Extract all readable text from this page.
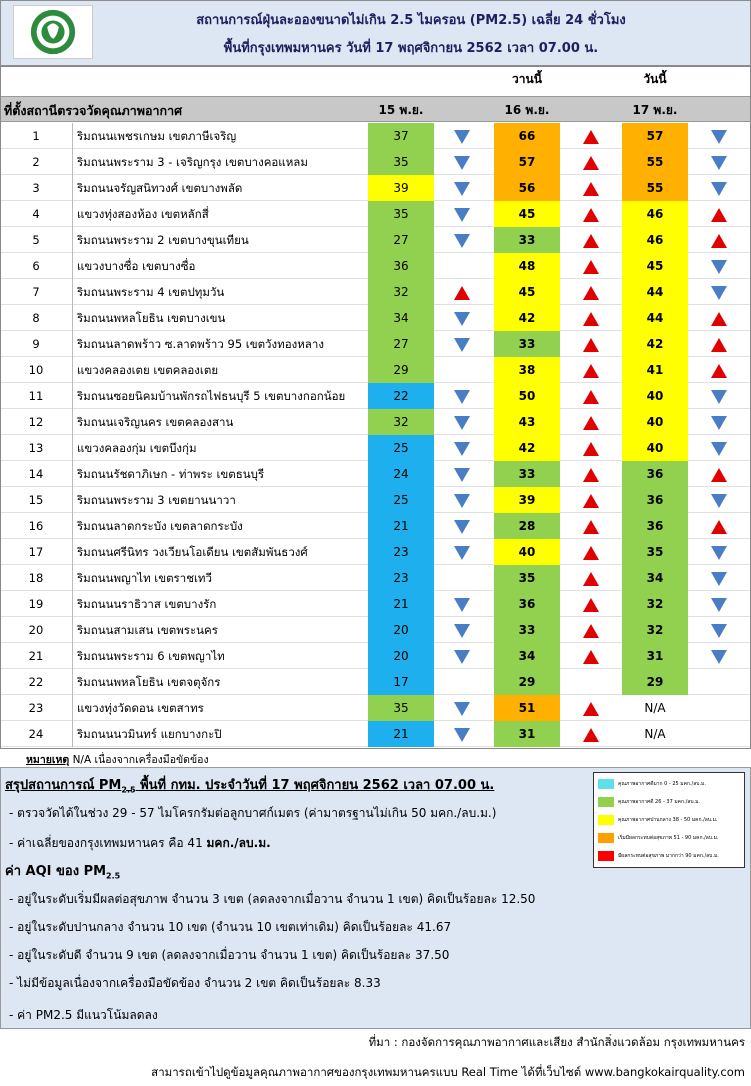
สถานการณ์ฝุ่นละอองขนาดไม่เกิน 2.5 ไมครอน (PM2.5) เฉลี่ย 24 ชั่วโมง
พื้นที่กรุงเทพมหานคร วันที่ 17 พฤศจิกายน 2562 เวลา 07.00 น.
วานนี้	วันนี้
ที่ตั้งสถานีตรวจวัดคุณภาพอากาศ	15 พ.ย.	16 พ.ย.	17 พ.ย.
1	ริมถนนเพชรเกษม เขตภาษีเจริญ	37	66	57
2	ริมถนนพระราม 3 - เจริญกรุง เขตบางคอแหลม	35	57	55
3	ริมถนนจรัญสนิทวงศ์ เขตบางพลัด	39	56	55
4	แขวงทุ่งสองห้อง เขตหลักสี่	35	45	46
5	ริมถนนพระราม 2 เขตบางขุนเทียน	27	33	46
6	แขวงบางซื่อ เขตบางซื่อ	36	48	45
7	ริมถนนพระราม 4 เขตปทุมวัน	32	45	44
8	ริมถนนพหลโยธิน เขตบางเขน	34	42	44
9	ริมถนนลาดพร้าว ซ.ลาดพร้าว 95 เขตวังทองหลาง	27	33	42
10	แขวงคลองเตย เขตคลองเตย	29	38	41
11	ริมถนนซอยนิคมบ้านพักรถไฟธนบุรี 5 เขตบางกอกน้อย	22	50	40
12	ริมถนนเจริญนคร เขตคลองสาน	32	43	40
13	แขวงคลองกุ่ม เขตบึงกุ่ม	25	42	40
14	ริมถนนรัชดาภิเษก - ท่าพระ เขตธนบุรี	24	33	36
15	ริมถนนพระราม 3 เขตยานนาวา	25	39	36
16	ริมถนนลาดกระบัง เขตลาดกระบัง	21	28	36
17	ริมถนนศรีนิทร วงเวียนโอเดียน เขตสัมพันธวงศ์	23	40	35
18	ริมถนนพญาไท เขตราชเทวี	23	35	34
19	ริมถนนนราธิวาส เขตบางรัก	21	36	32
20	ริมถนนสามเสน เขตพระนคร	20	33	32
21	ริมถนนพระราม 6 เขตพญาไท	20	34	31
22	ริมถนนพหลโยธิน เขตจตุจักร	17	29	29
23	แขวงทุ่งวัดดอน เขตสาทร	35	51	N/A
24	ริมถนนนวมินทร์ แยกบางกะปิ	21	31	N/A
หมายเหตุ N/A เนื่องจากเครื่องมือขัดข้อง
สรุปสถานการณ์ $PM_{2.5}$ พื้นที่ กทม. ประจำวันที่ 17 พฤศจิกายน 2562 เวลา 07.00 น.
- ตรวจวัดได้ในช่วง 29 - 57 ไมโครกรัมต่อลูกบาศก์เมตร (ค่ามาตรฐานไม่เกิน 50 มคก./ลบ.ม.)
- ค่าเฉลี่ยของกรุงเทพมหานคร คือ 41 มคก./ลบ.ม.
ค่า AQI ของ $PM_{2.5}$
- อยู่ในระดับเริ่มมีผลต่อสุขภาพ จำนวน 3 เขต (ลดลงจากเมื่อวาน จำนวน 1 เขต) คิดเป็นร้อยละ 12.50
- อยู่ในระดับปานกลาง จำนวน 10 เขต (จำนวน 10 เขตเท่าเดิม) คิดเป็นร้อยละ 41.67
- อยู่ในระดับดี จำนวน 9 เขต (ลดลงจากเมื่อวาน จำนวน 1 เขต) คิดเป็นร้อยละ 37.50
- ไม่มีข้อมูลเนื่องจากเครื่องมือขัดข้อง จำนวน 2 เขต คิดเป็นร้อยละ 8.33
- ค่า PM2.5 มีแนวโน้มลดลง
คุณภาพอากาศดีมาก 0 - 25 มคก./ลบ.ม.
คุณภาพอากาศดี 26 - 37 มคก./ลบ.ม.
คุณภาพอากาศปานกลาง 38 - 50 มคก./ลบ.ม.
เริ่มมีผลกระทบต่อสุขภาพ 51 - 90 มคก./ลบ.ม.
มีผลกระทบต่อสุขภาพ มากกว่า 90 มคก./ลบ.ม.
ที่มา : กองจัดการคุณภาพอากาศและเสียง สำนักสิ่งแวดล้อม กรุงเทพมหานคร
สามารถเข้าไปดูข้อมูลคุณภาพอากาศของกรุงเทพมหานครแบบ Real Time ได้ที่เว็บไซต์ www.bangkokairquality.com
